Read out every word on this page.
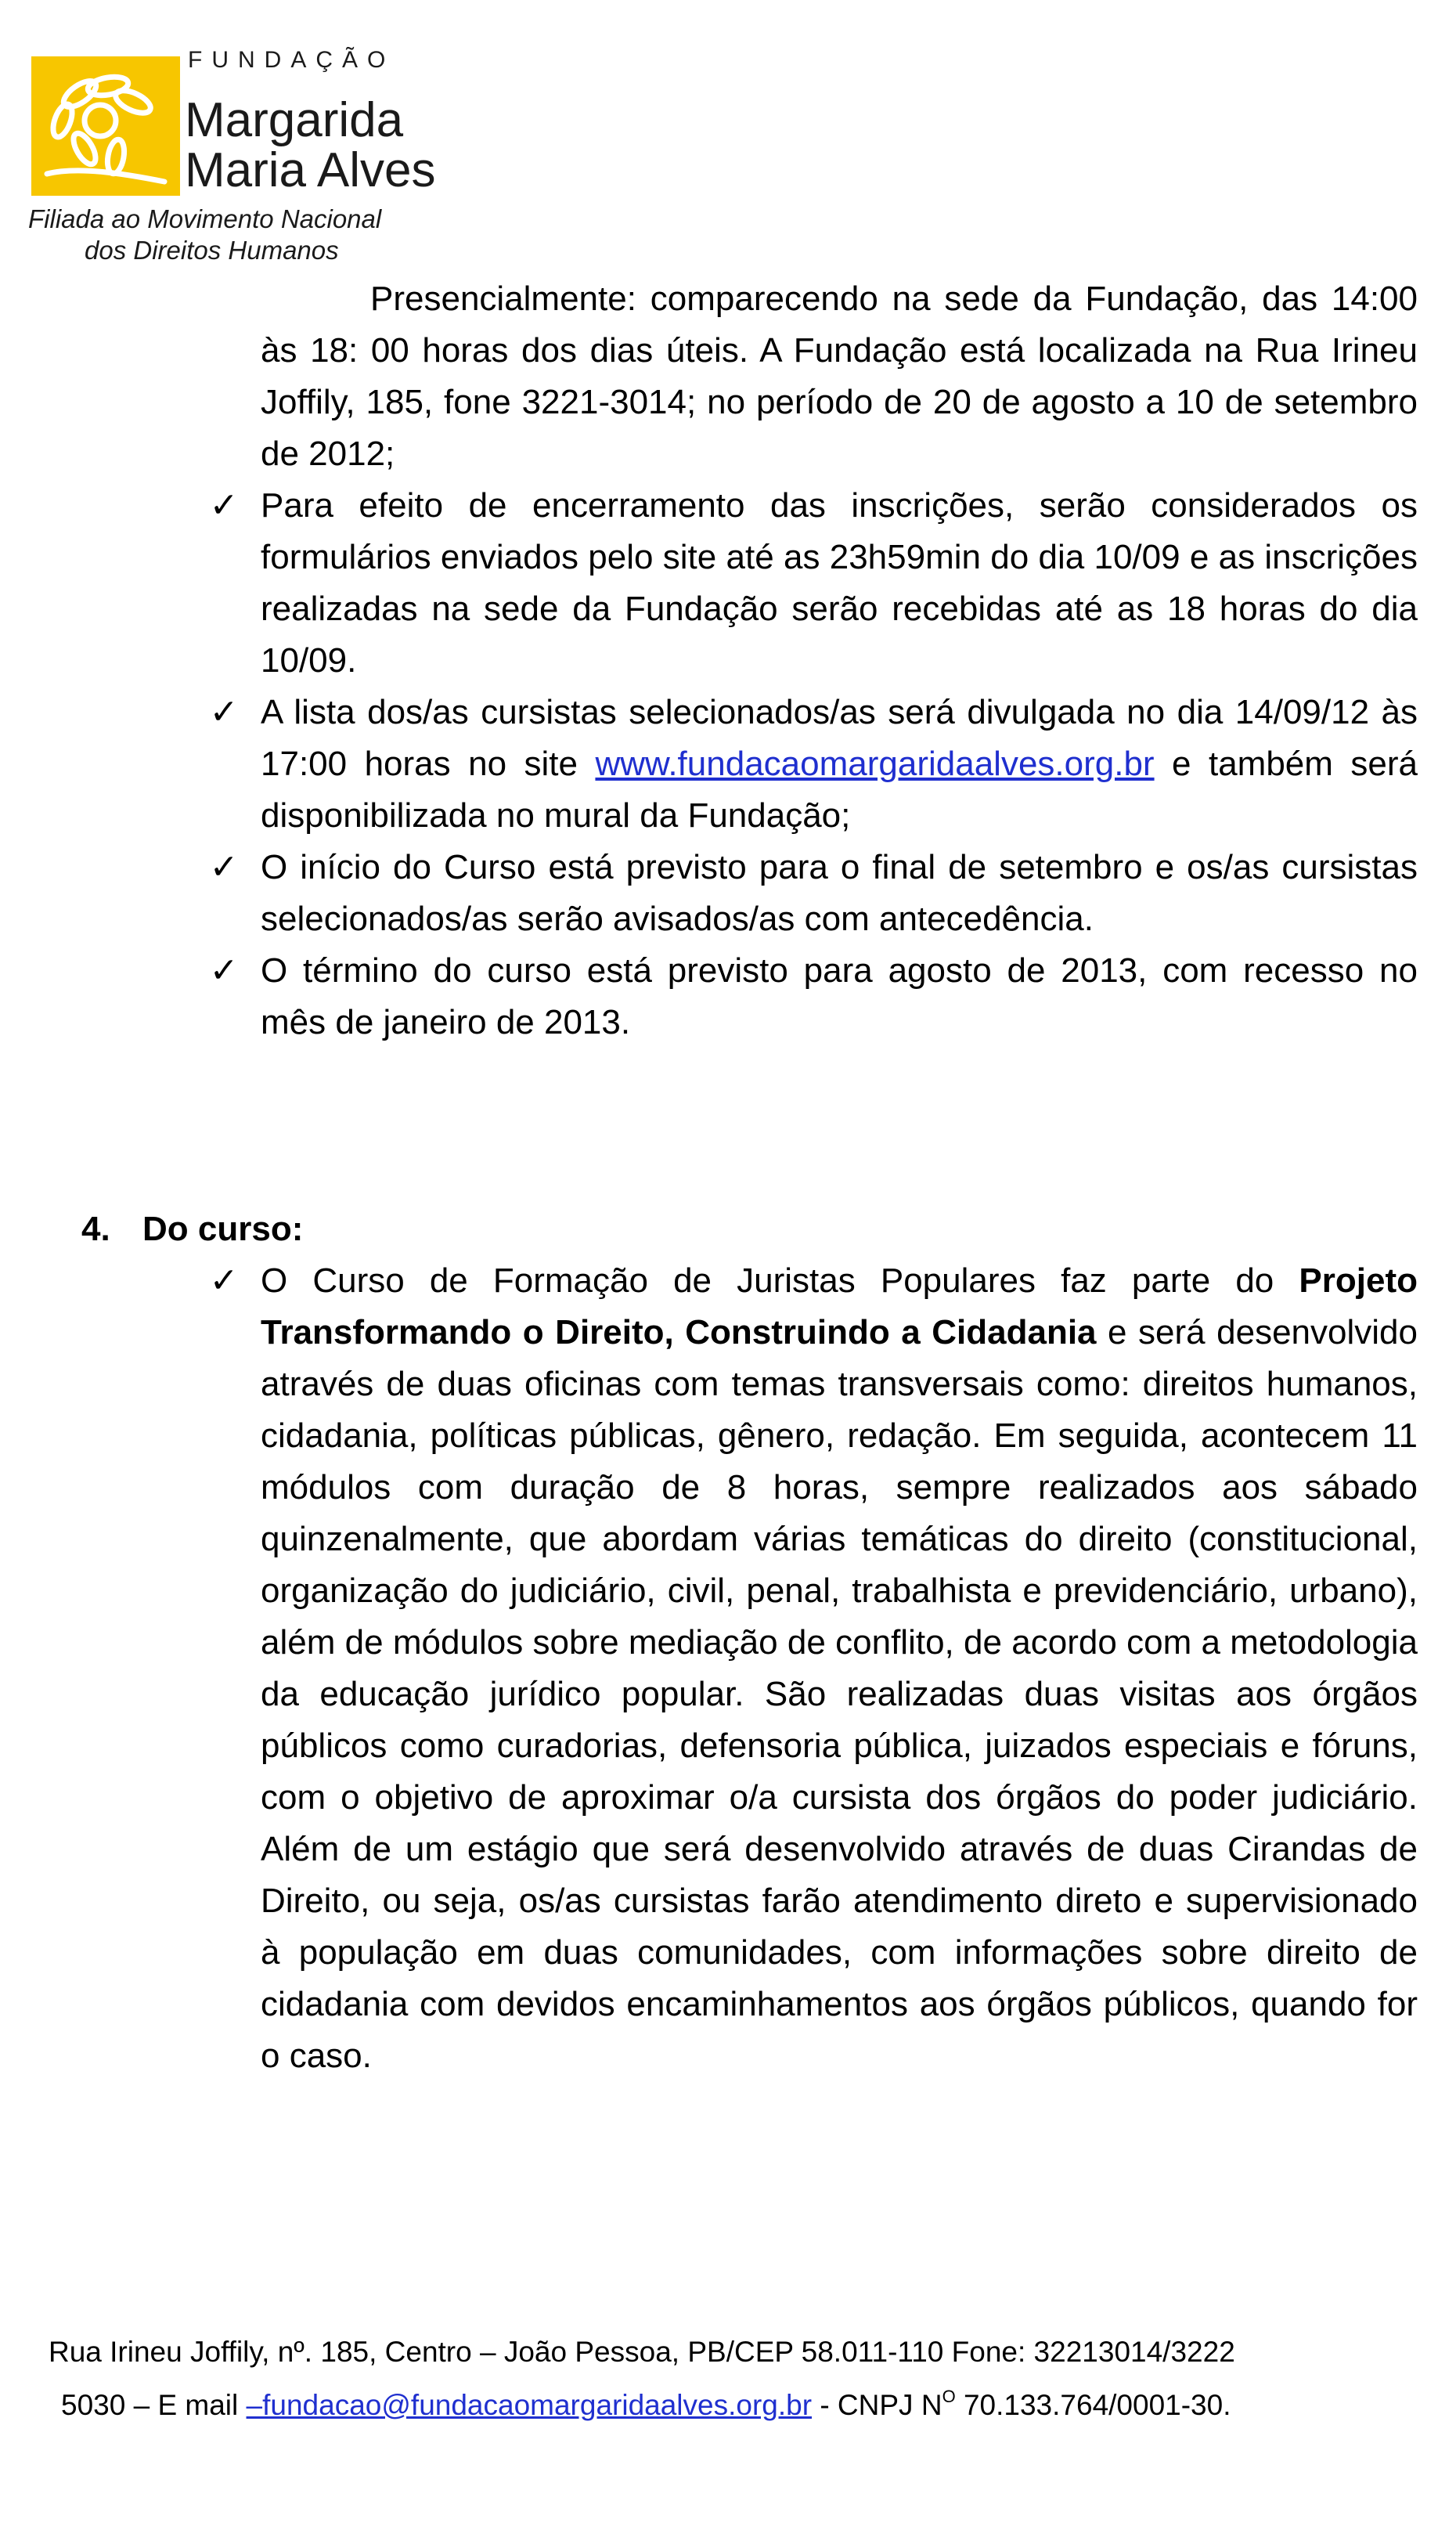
FUNDAÇÃO
Margarida
Maria Alves
Filiada ao Movimento Nacional
dos Direitos Humanos

Presencialmente: comparecendo na sede da Fundação, das 14:00 às 18: 00 horas dos dias úteis. A Fundação está localizada na Rua Irineu Joffily, 185, fone 3221-3014; no período de 20 de agosto a 10 de setembro de 2012;

✓ Para efeito de encerramento das inscrições, serão considerados os formulários enviados pelo site até as 23h59min do dia 10/09 e as inscrições realizadas na sede da Fundação serão recebidas até as 18 horas do dia 10/09.
✓ A lista dos/as cursistas selecionados/as será divulgada no dia 14/09/12 às 17:00 horas no site www.fundacaomargaridaalves.org.br e também será disponibilizada no mural da Fundação;
✓ O início do Curso está previsto para o final de setembro e os/as cursistas selecionados/as serão avisados/as com antecedência.
✓ O término do curso está previsto para agosto de 2013, com recesso no mês de janeiro de 2013.
4. Do curso:
✓ O Curso de Formação de Juristas Populares faz parte do Projeto Transformando o Direito, Construindo a Cidadania e será desenvolvido através de duas oficinas com temas transversais como: direitos humanos, cidadania, políticas públicas, gênero, redação. Em seguida, acontecem 11 módulos com duração de 8 horas, sempre realizados aos sábado quinzenalmente, que abordam várias temáticas do direito (constitucional, organização do judiciário, civil, penal, trabalhista e previdenciário, urbano), além de módulos sobre mediação de conflito, de acordo com a metodologia da educação jurídico popular. São realizadas duas visitas aos órgãos públicos como curadorias, defensoria pública, juizados especiais e fóruns, com o objetivo de aproximar o/a cursista dos órgãos do poder judiciário. Além de um estágio que será desenvolvido através de duas Cirandas de Direito, ou seja, os/as cursistas farão atendimento direto e supervisionado à população em duas comunidades, com informações sobre direito de cidadania com devidos encaminhamentos aos órgãos públicos, quando for o caso.
Rua Irineu Joffily, nº. 185, Centro – João Pessoa, PB/CEP 58.011-110 Fone: 32213014/3222
5030 – E mail –fundacao@fundacaomargaridaalves.org.br - CNPJ $N^O$ 70.133.764/0001-30.
